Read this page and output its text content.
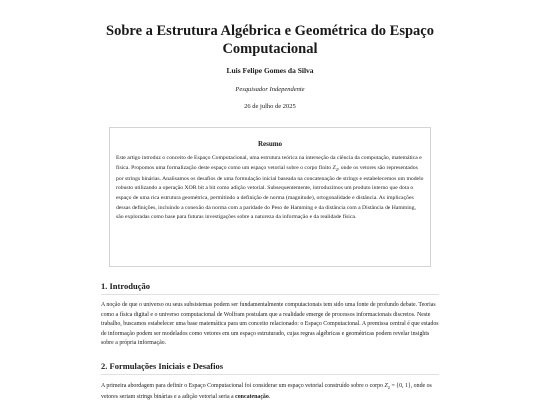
Sobre a Estrutura Algébrica e Geométrica do Espaço Computacional
Luis Felipe Gomes da Silva
Pesquisador Independente
26 de julho de 2025
Resumo

Este artigo introduz o conceito de Espaço Computacional, uma estrutura teórica na interseção da ciência da computação, matemática e física. Propomos uma formalização deste espaço como um espaço vetorial sobre o corpo finito $Z_2$, onde os vetores são representados por strings binárias. Analisamos os desafios de uma formulação inicial baseada na concatenação de strings e estabelecemos um modelo robusto utilizando a operação XOR bit a bit como adição vetorial. Subsequentemente, introduzimos um produto interno que dota o espaço de uma rica estrutura geométrica, permitindo a definição de norma (magnitude), ortogonalidade e distância. As implicações dessas definições, incluindo a conexão da norma com a paridade do Peso de Hamming e da distância com a Distância de Hamming, são exploradas como base para futuras investigações sobre a natureza da informação e da realidade física.

1. Introdução

A noção de que o universo ou seus subsistemas podem ser fundamentalmente computacionais tem sido uma fonte de profundo debate. Teorias como a física digital e o universo computacional de Wolfram postulam que a realidade emerge de processos informacionais discretos. Neste trabalho, buscamos estabelecer uma base matemática para um conceito relacionado: o Espaço Computacional. A premissa central é que estados de informação podem ser modelados como vetores em um espaço estruturado, cujas regras algébricas e geométricas podem revelar insights sobre a própria informação.

2. Formulações Iniciais e Desafios

A primeira abordagem para definir o Espaço Computacional foi considerar um espaço vetorial construído sobre o corpo $Z_2 = \{0$, 1}, onde os vetores seriam strings binárias e a adição vetorial seria a concatenação.
